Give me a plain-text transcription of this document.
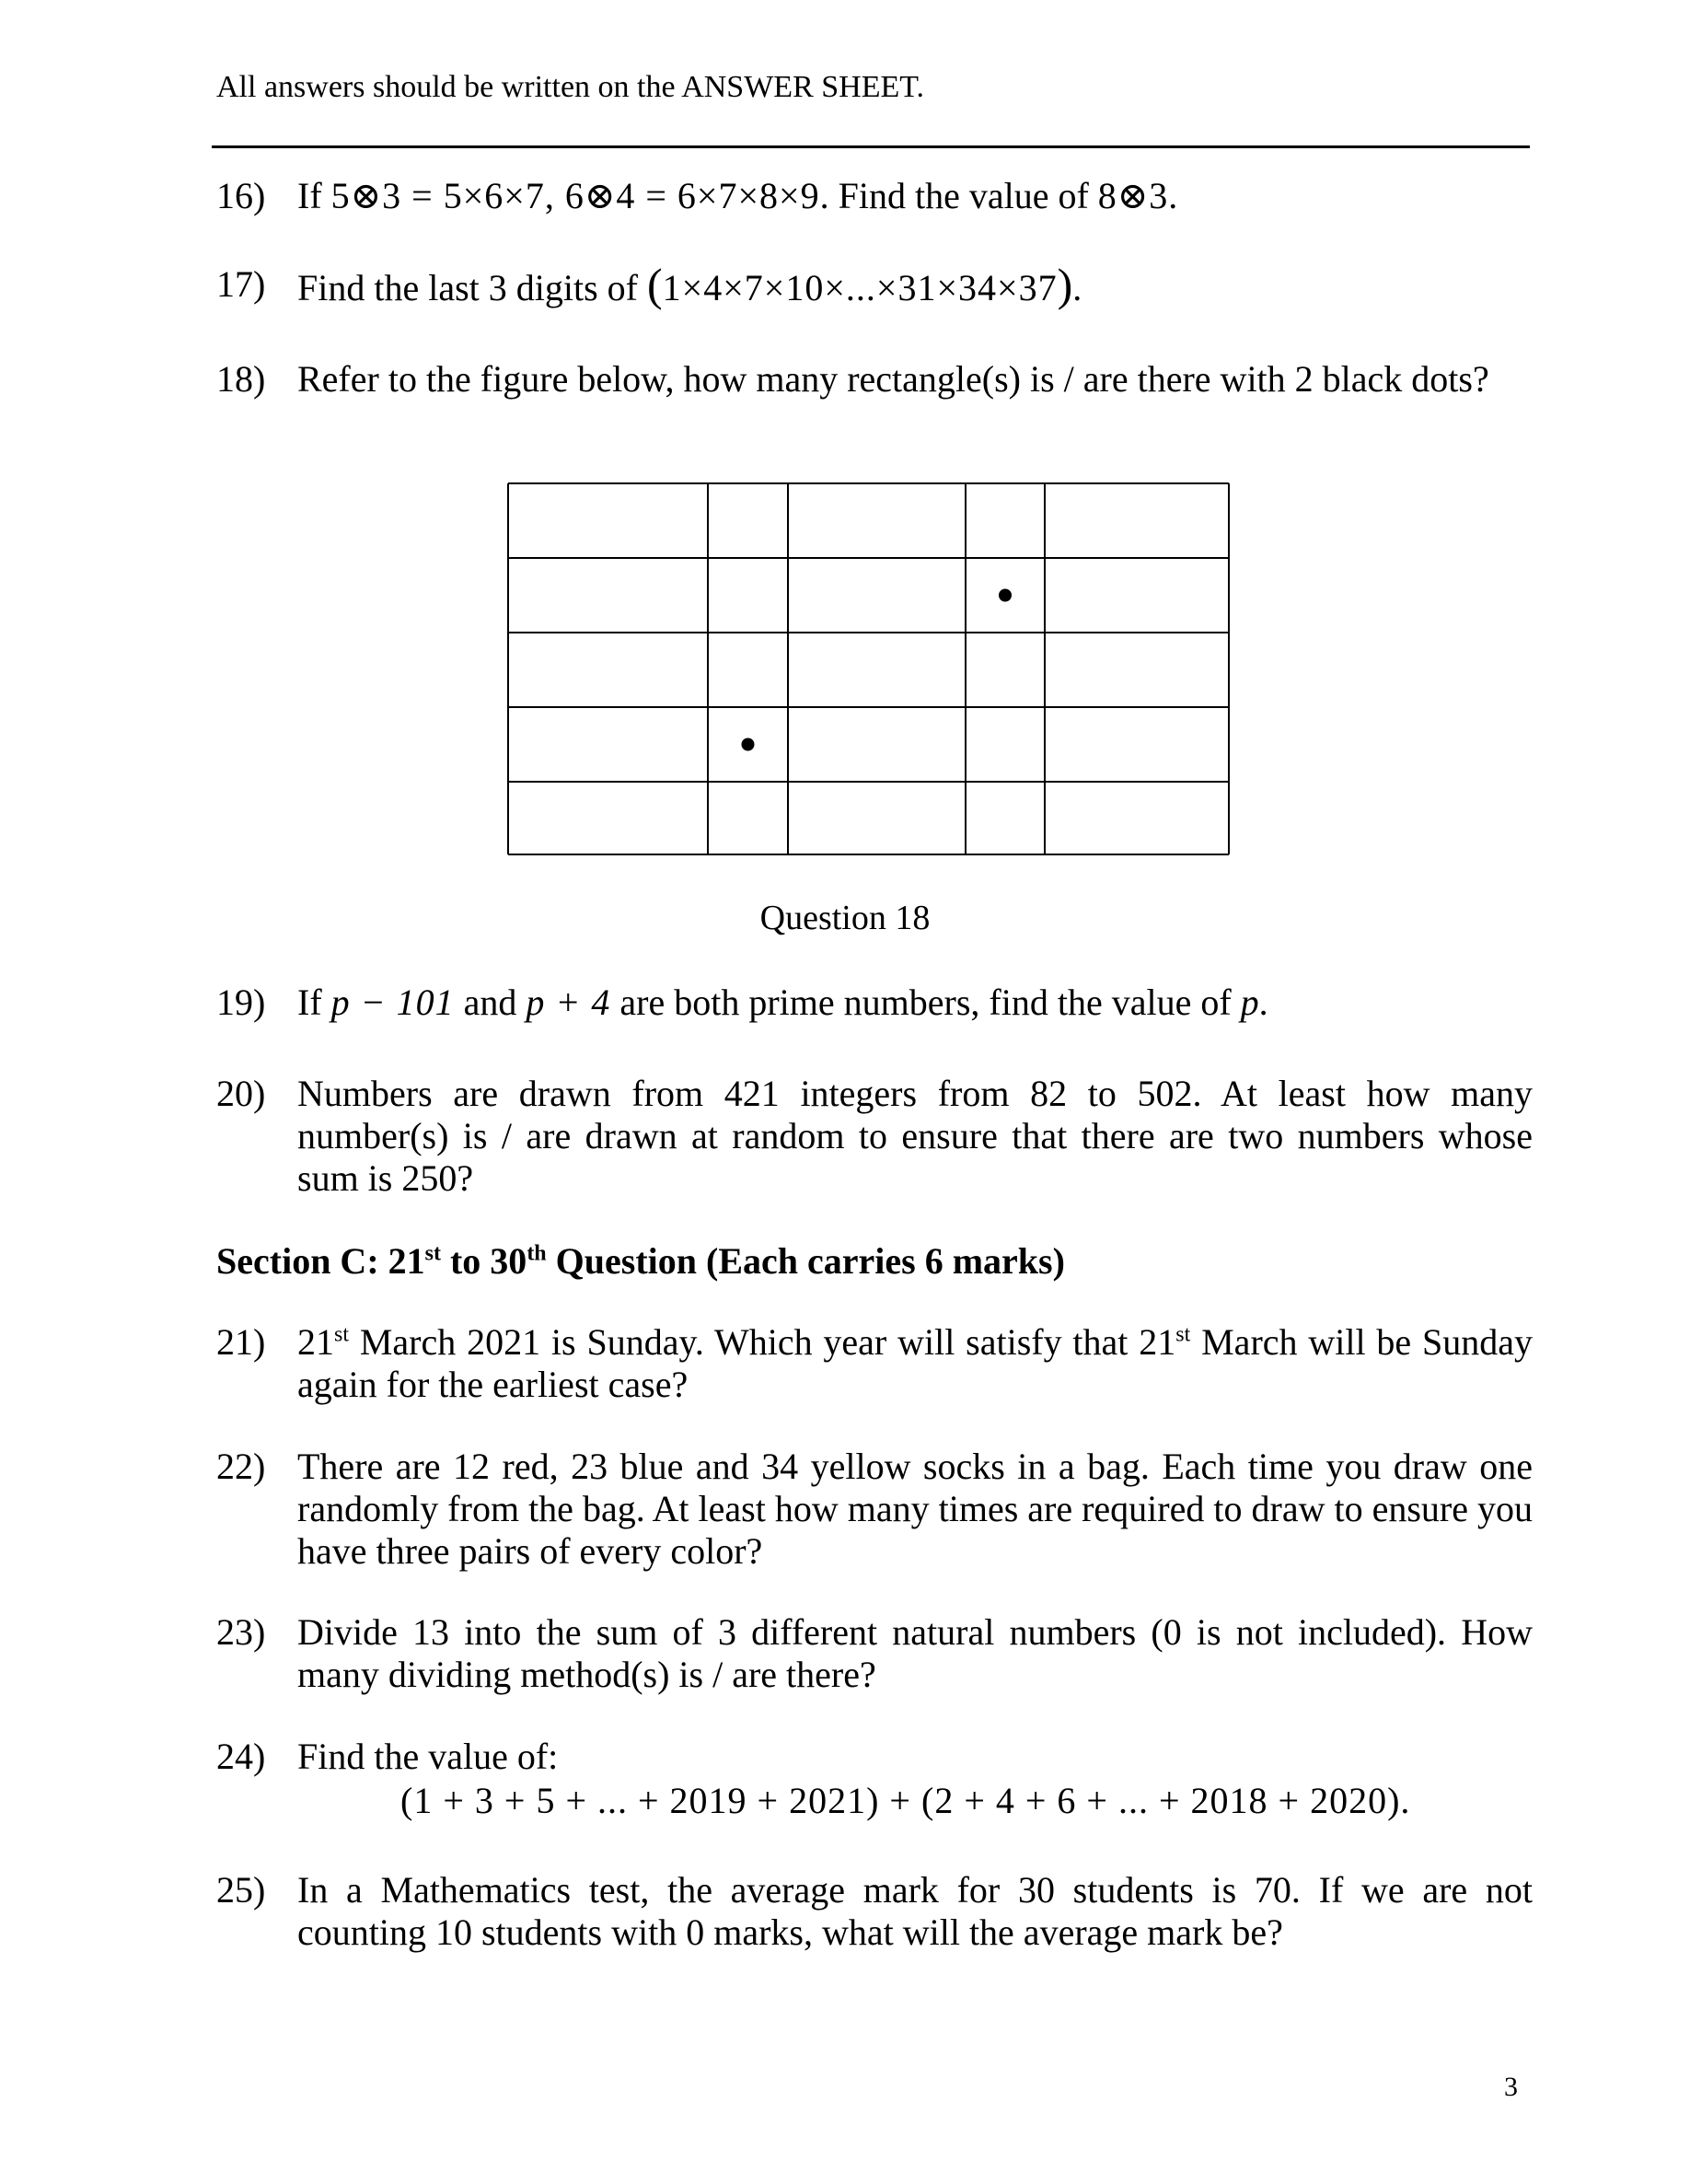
All answers should be written on the ANSWER SHEET.
16) If 5⊗3 = 5×6×7, 6⊗4 = 6×7×8×9. Find the value of 8⊗3.
17) Find the last 3 digits of (1×4×7×10×...×31×34×37).
18) Refer to the figure below, how many rectangle(s) is / are there with 2 black dots?
Question 18
19) If p − 101 and p + 4 are both prime numbers, find the value of p.
20) Numbers are drawn from 421 integers from 82 to 502. At least how many number(s) is / are drawn at random to ensure that there are two numbers whose sum is 250?
Section C: 21st to 30th Question (Each carries 6 marks)
21) 21st March 2021 is Sunday. Which year will satisfy that 21st March will be Sunday again for the earliest case?
22) There are 12 red, 23 blue and 34 yellow socks in a bag. Each time you draw one randomly from the bag. At least how many times are required to draw to ensure you have three pairs of every color?
23) Divide 13 into the sum of 3 different natural numbers (0 is not included). How many dividing method(s) is / are there?
24) Find the value of:
(1 + 3 + 5 + ... + 2019 + 2021) + (2 + 4 + 6 + ... + 2018 + 2020).
25) In a Mathematics test, the average mark for 30 students is 70. If we are not counting 10 students with 0 marks, what will the average mark be?
3
